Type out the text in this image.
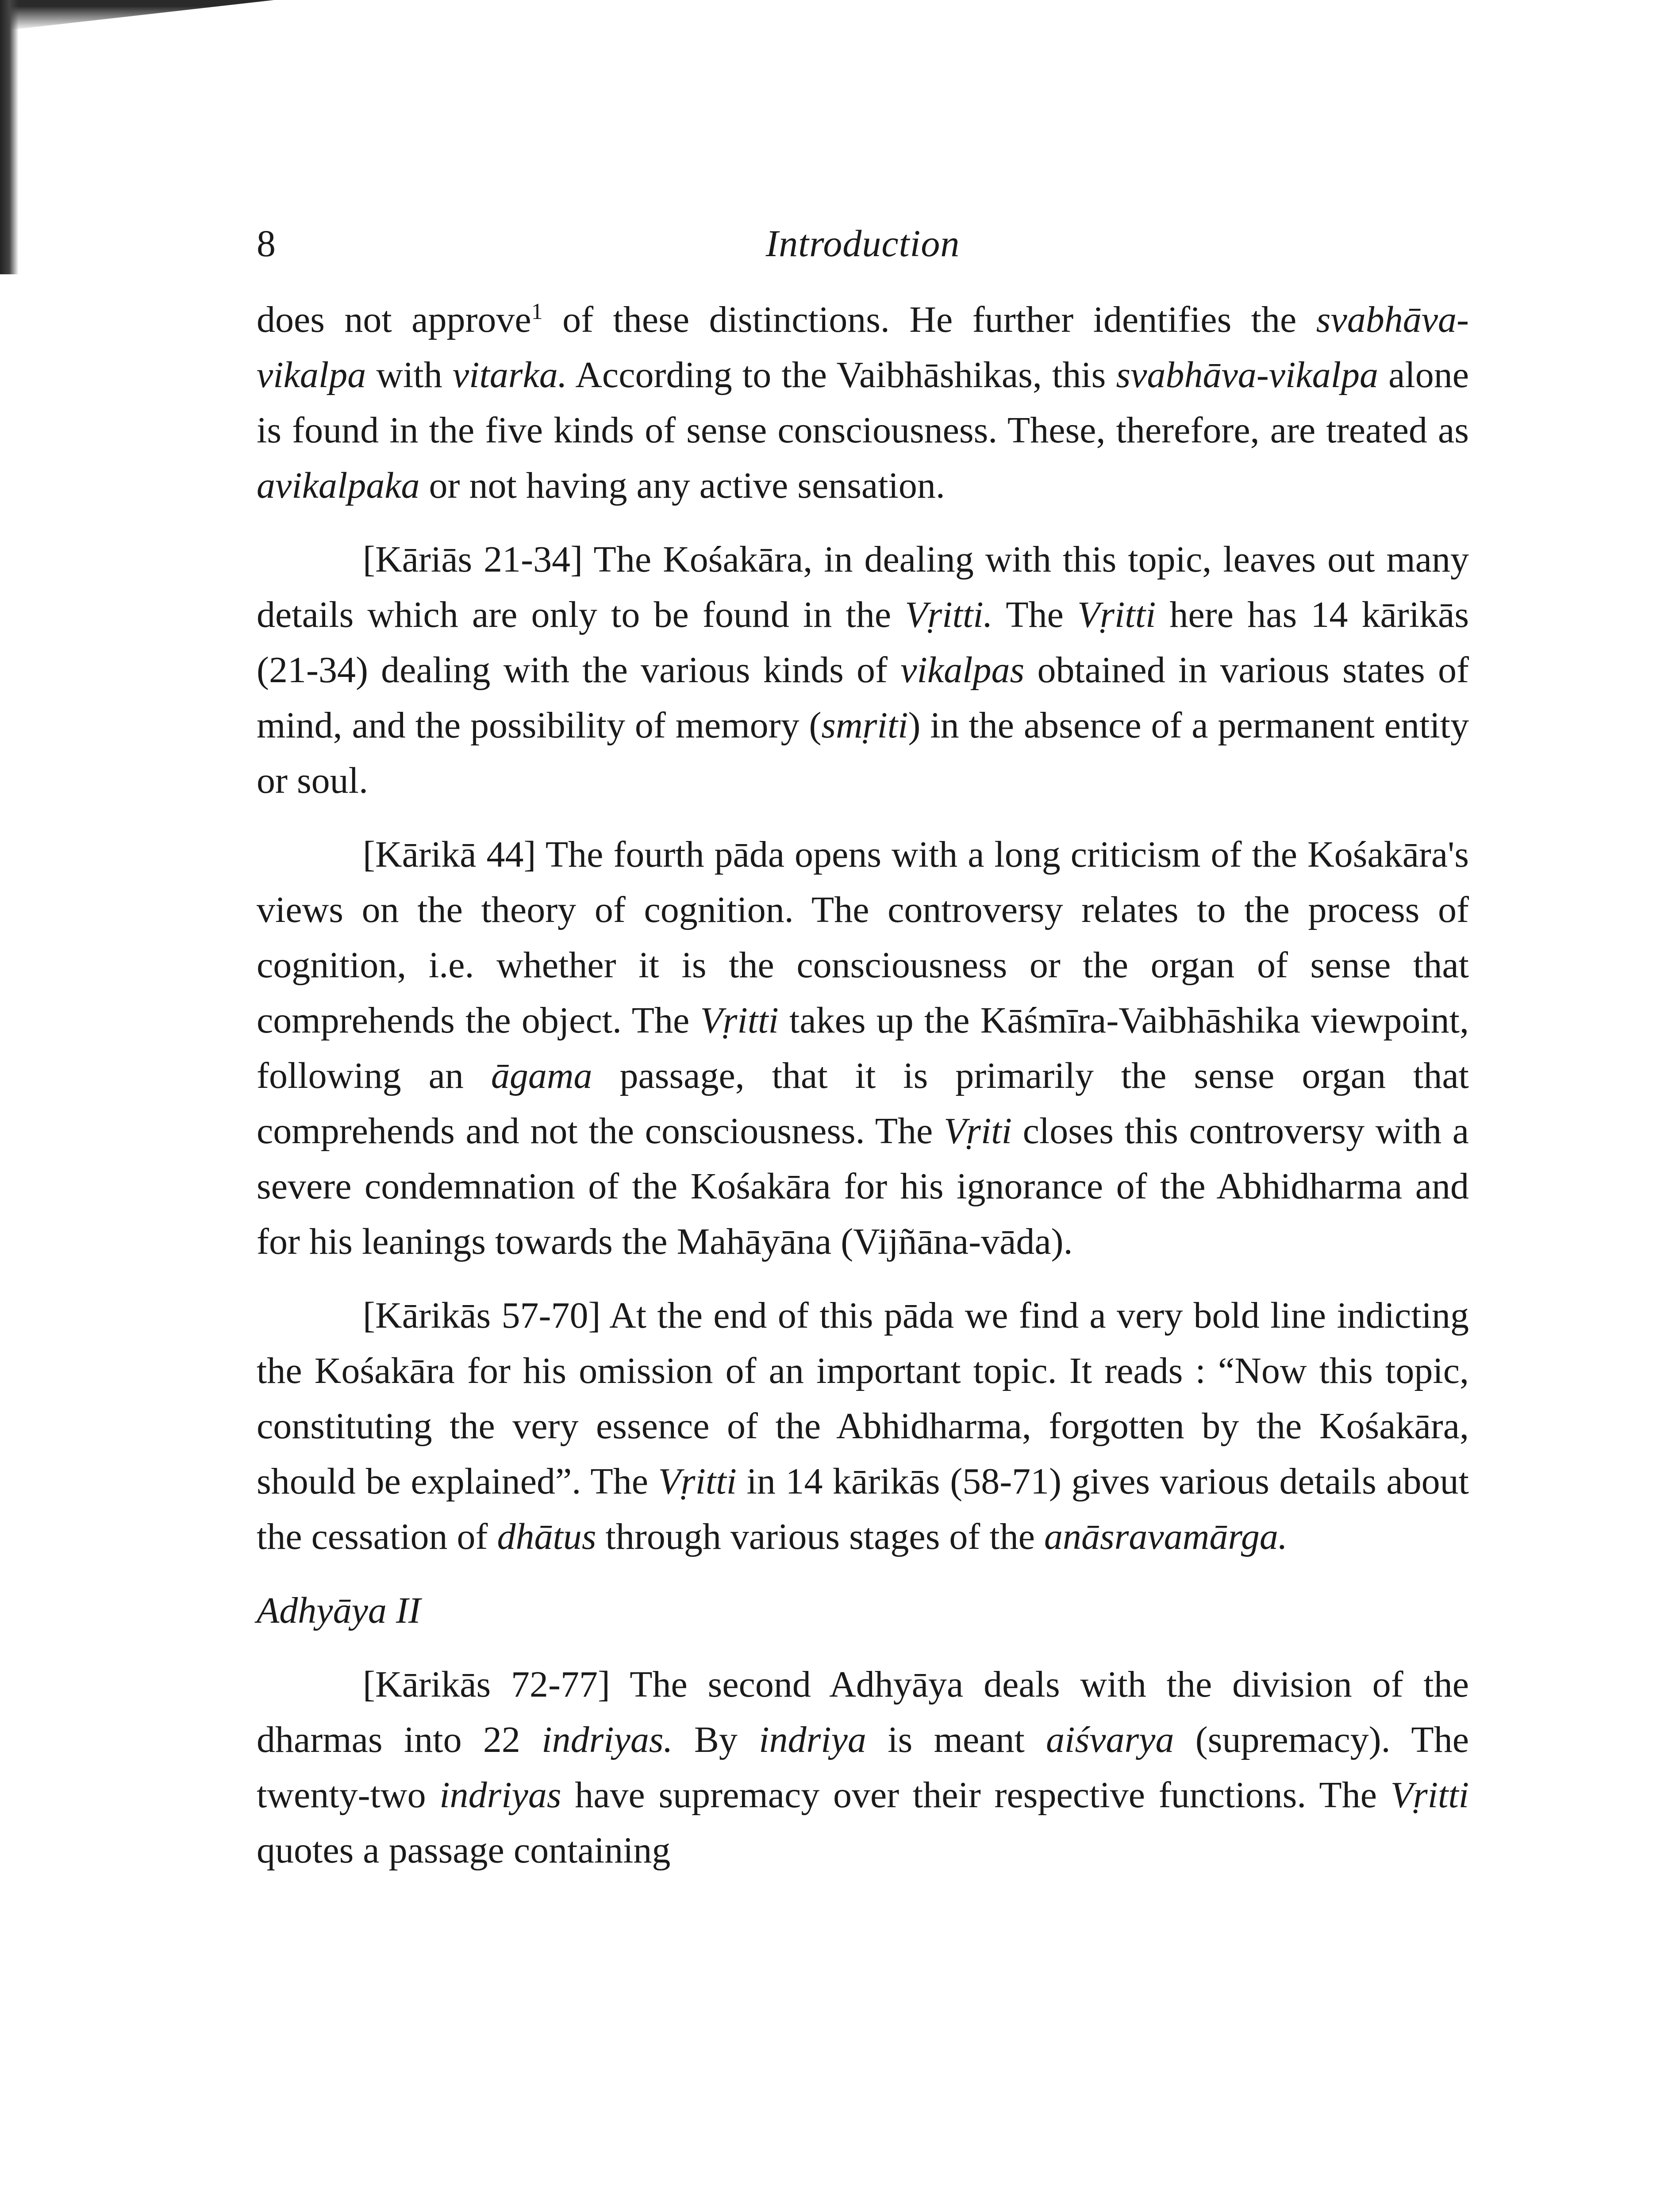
8	Introduction

does not approve$^1$ of these distinctions. He further identifies the svabhāva-vikalpa with vitarka. According to the Vaibhāshikas, this svabhāva-vikalpa alone is found in the five kinds of sense consciousness. These, therefore, are treated as avikalpaka or not having any active sensation.

[Kāriās 21-34] The Kośakāra, in dealing with this topic, leaves out many details which are only to be found in the Vṛitti. The Vṛitti here has 14 kārikās (21-34) dealing with the various kinds of vikalpas obtained in various states of mind, and the possibility of memory (smṛiti) in the absence of a permanent entity or soul.

[Kārikā 44] The fourth pāda opens with a long criticism of the Kośakāra's views on the theory of cognition. The controversy relates to the process of cognition, i.e. whether it is the consciousness or the organ of sense that comprehends the object. The Vṛitti takes up the Kāśmīra-Vaibhāshika viewpoint, following an āgama passage, that it is primarily the sense organ that comprehends and not the consciousness. The Vṛiti closes this controversy with a severe condemnation of the Kośakāra for his ignorance of the Abhidharma and for his leanings towards the Mahāyāna (Vijñāna-vāda).

[Kārikās 57-70] At the end of this pāda we find a very bold line indicting the Kośakāra for his omission of an important topic. It reads : “Now this topic, constituting the very essence of the Abhidharma, forgotten by the Kośakāra, should be explained”. The Vṛitti in 14 kārikās (58-71) gives various details about the cessation of dhātus through various stages of the anāsravamārga.

Adhyāya II

[Kārikās 72-77] The second Adhyāya deals with the division of the dharmas into 22 indriyas. By indriya is meant aiśvarya (supremacy). The twenty-two indriyas have supremacy over their respective functions. The Vṛitti quotes a passage containing
